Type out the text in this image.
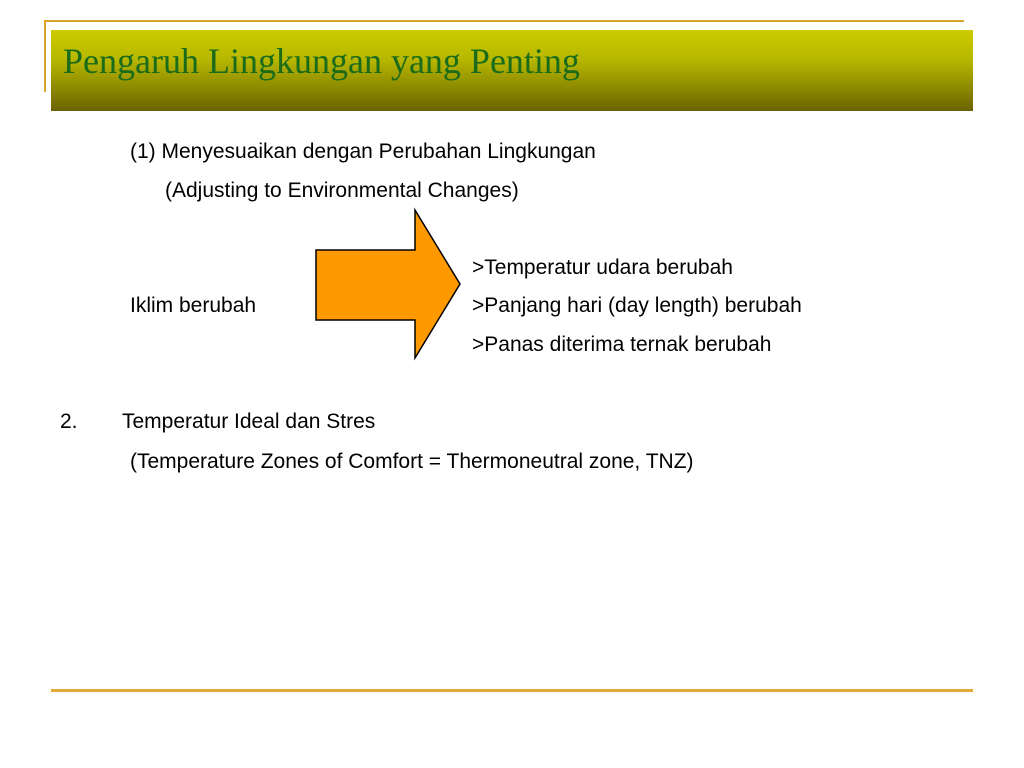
Pengaruh Lingkungan yang Penting
(1) Menyesuaikan dengan Perubahan Lingkungan
(Adjusting to Environmental Changes)
Iklim berubah
>Temperatur udara berubah
>Panjang hari (day length) berubah
>Panas diterima ternak berubah
2. Temperatur Ideal dan Stres
(Temperature Zones of Comfort = Thermoneutral zone, TNZ)
